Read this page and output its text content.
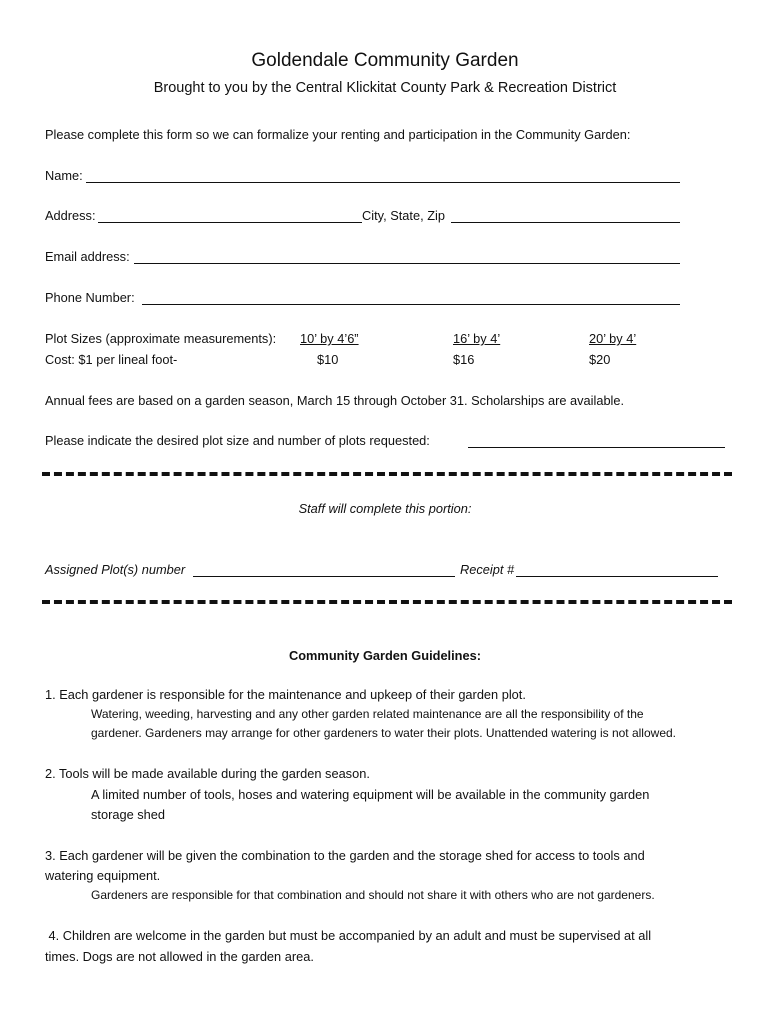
Goldendale Community Garden
Brought to you by the Central Klickitat County Park & Recreation District
Please complete this form so we can formalize your renting and participation in the Community Garden:
Name:
Address:	City, State, Zip
Email address:
Phone Number:
Plot Sizes (approximate measurements): 10’ by 4’6”	16’ by 4’	20’ by 4’
Cost: $1 per lineal foot-	$10	$16	$20
Annual fees are based on a garden season, March 15 through October 31. Scholarships are available.
Please indicate the desired plot size and number of plots requested:
Staff will complete this portion:
Assigned Plot(s) number	Receipt #
Community Garden Guidelines:
1. Each gardener is responsible for the maintenance and upkeep of their garden plot.
Watering, weeding, harvesting and any other garden related maintenance are all the responsibility of the
gardener. Gardeners may arrange for other gardeners to water their plots. Unattended watering is not allowed.
2. Tools will be made available during the garden season.
A limited number of tools, hoses and watering equipment will be available in the community garden
storage shed
3. Each gardener will be given the combination to the garden and the storage shed for access to tools and
watering equipment.
Gardeners are responsible for that combination and should not share it with others who are not gardeners.
4. Children are welcome in the garden but must be accompanied by an adult and must be supervised at all
times. Dogs are not allowed in the garden area.
